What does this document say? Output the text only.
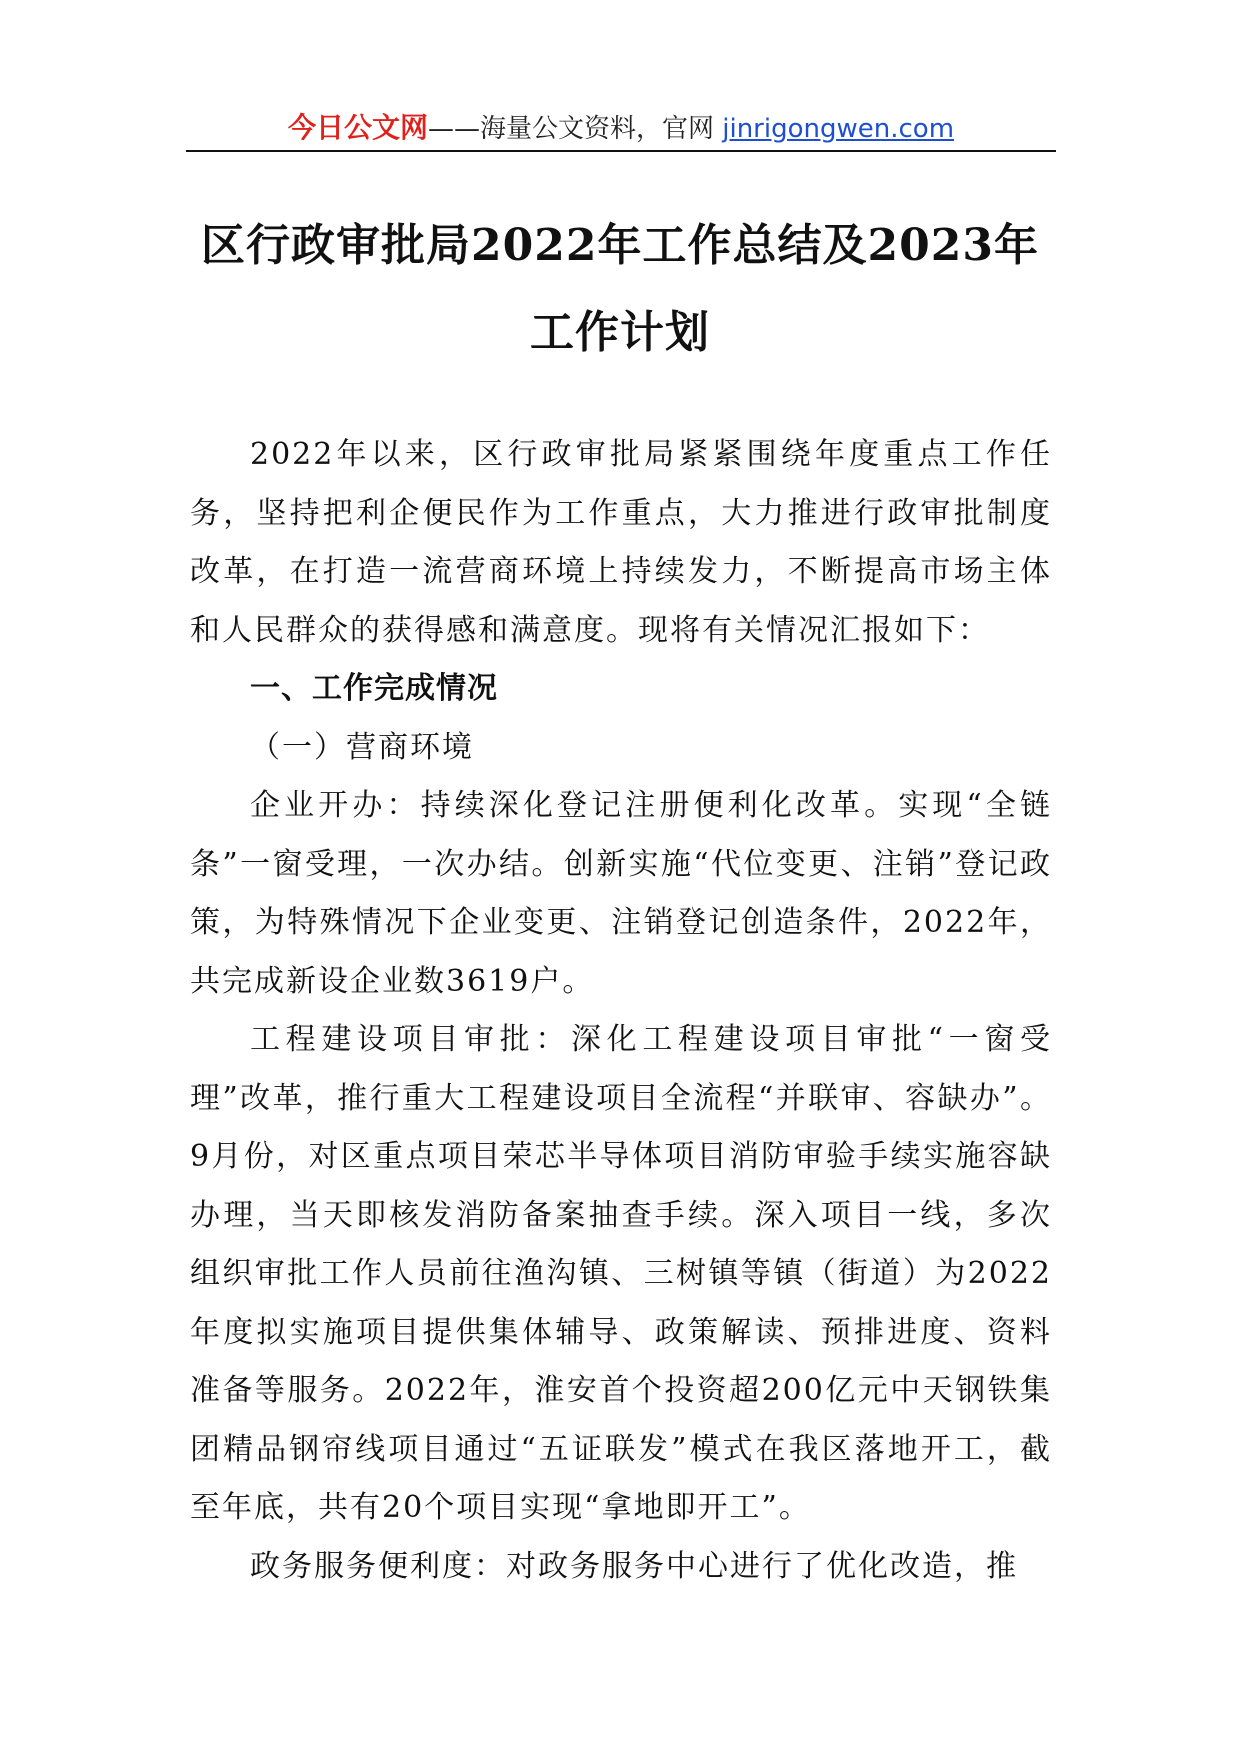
今日公文网——海量公文资料，官网 jinrigongwen.com
区行政审批局2022年工作总结及2023年
工作计划

2022年以来，区行政审批局紧紧围绕年度重点工作任务，坚持把利企便民作为工作重点，大力推进行政审批制度改革，在打造一流营商环境上持续发力，不断提高市场主体和人民群众的获得感和满意度。现将有关情况汇报如下：

一、工作完成情况

（一）营商环境

企业开办：持续深化登记注册便利化改革。实现“全链条”一窗受理，一次办结。创新实施“代位变更、注销”登记政策，为特殊情况下企业变更、注销登记创造条件，2022年，共完成新设企业数3619户。

工程建设项目审批：深化工程建设项目审批“一窗受理”改革，推行重大工程建设项目全流程“并联审、容缺办”。9月份，对区重点项目荣芯半导体项目消防审验手续实施容缺办理，当天即核发消防备案抽查手续。深入项目一线，多次组织审批工作人员前往渔沟镇、三树镇等镇（街道）为2022年度拟实施项目提供集体辅导、政策解读、预排进度、资料准备等服务。2022年，淮安首个投资超200亿元中天钢铁集团精品钢帘线项目通过“五证联发”模式在我区落地开工，截至年底，共有20个项目实现“拿地即开工”。

政务服务便利度：对政务服务中心进行了优化改造，推
